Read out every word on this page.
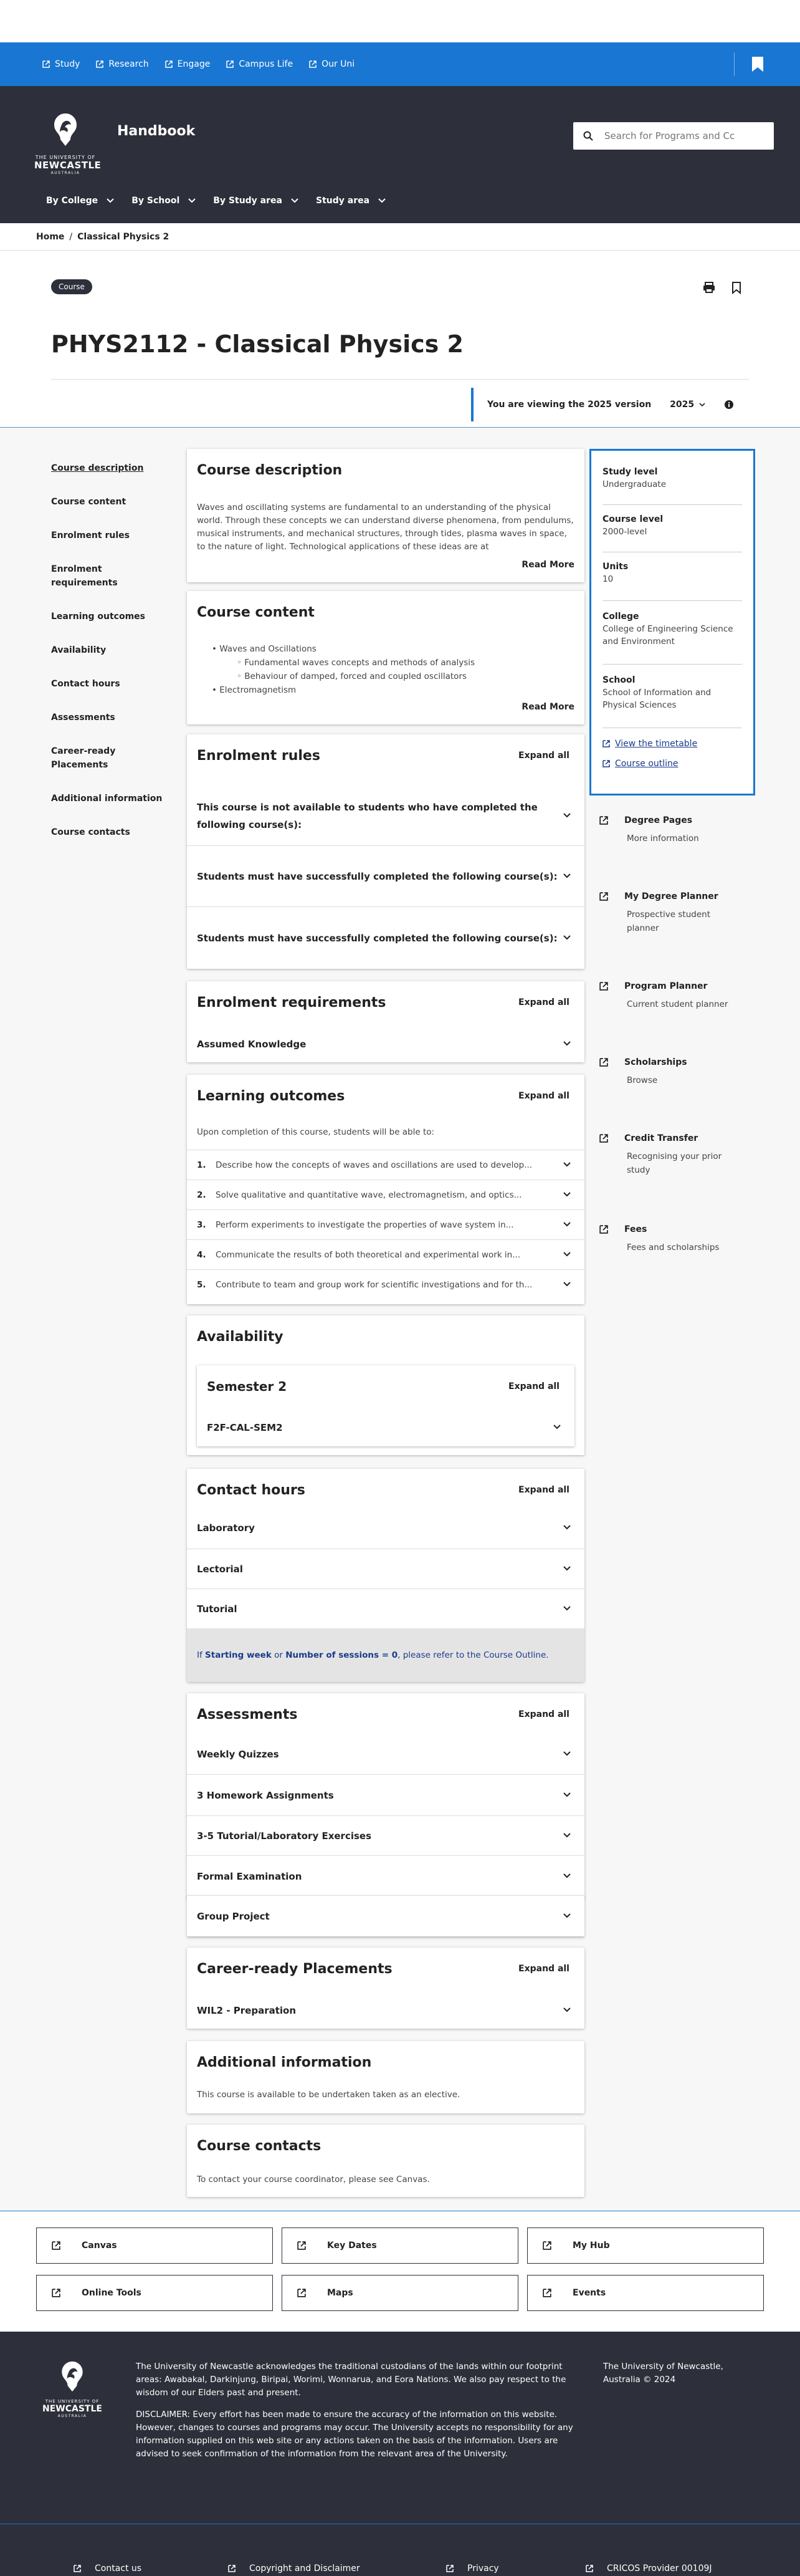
Study	Research	Engage	Campus Life	Our Uni
THE UNIVERSITY OF
NEWCASTLE
AUSTRALIA
Handbook
Search for Programs and Cc
By College	By School	By Study area	Study area
Home / Classical Physics 2
Course
PHYS2112 - Classical Physics 2
You are viewing the 2025 version 2025
Course description
Course content
Enrolment rules
Enrolment requirements
Learning outcomes
Availability
Contact hours
Assessments
Career-ready Placements
Additional information
Course contacts
Course description
Waves and oscillating systems are fundamental to an understanding of the physical world. Through these concepts we can understand diverse phenomena, from pendulums, musical instruments, and mechanical structures, through tides, plasma waves in space, to the nature of light. Technological applications of these ideas are at
Read More
Course content
• Waves and Oscillations
◦ Fundamental waves concepts and methods of analysis
◦ Behaviour of damped, forced and coupled oscillators
• Electromagnetism
Read More
Enrolment rules	Expand all
This course is not available to students who have completed the following course(s):
Students must have successfully completed the following course(s):
Students must have successfully completed the following course(s):
Enrolment requirements	Expand all
Assumed Knowledge
Learning outcomes	Expand all
Upon completion of this course, students will be able to:
1.	Describe how the concepts of waves and oscillations are used to develop...
2.	Solve qualitative and quantitative wave, electromagnetism, and optics...
3.	Perform experiments to investigate the properties of wave system in...
4.	Communicate the results of both theoretical and experimental work in...
5.	Contribute to team and group work for scientific investigations and for th...
Availability
Semester 2	Expand all
F2F-CAL-SEM2
Contact hours	Expand all
Laboratory
Lectorial
Tutorial
If Starting week or Number of sessions = 0 , please refer to the Course Outline.
Assessments	Expand all
Weekly Quizzes
3 Homework Assignments
3-5 Tutorial/Laboratory Exercises
Formal Examination
Group Project
Career-ready Placements	Expand all
WIL2 - Preparation
Additional information
This course is available to be undertaken taken as an elective.
Course contacts
To contact your course coordinator, please see Canvas.
Study level
Undergraduate
Course level
2000-level
Units
10
College
College of Engineering Science and Environment
School
School of Information and Physical Sciences
View the timetable
Course outline
Degree Pages
More information
My Degree Planner
Prospective student planner
Program Planner
Current student planner
Scholarships
Browse
Credit Transfer
Recognising your prior study
Fees
Fees and scholarships
Canvas	Key Dates	My Hub
Online Tools	Maps	Events
THE UNIVERSITY OF
NEWCASTLE
AUSTRALIA

The University of Newcastle acknowledges the traditional custodians of the lands within our footprint areas: Awabakal, Darkinjung, Biripai, Worimi, Wonnarua, and Eora Nations. We also pay respect to the wisdom of our Elders past and present.

DISCLAIMER: Every effort has been made to ensure the accuracy of the information on this website. However, changes to courses and programs may occur. The University accepts no responsibility for any information supplied on this web site or any actions taken on the basis of the information. Users are advised to seek confirmation of the information from the relevant area of the University.

The University of Newcastle, Australia © 2024
Contact us	Copyright and Disclaimer	Privacy	CRICOS Provider 00109J
